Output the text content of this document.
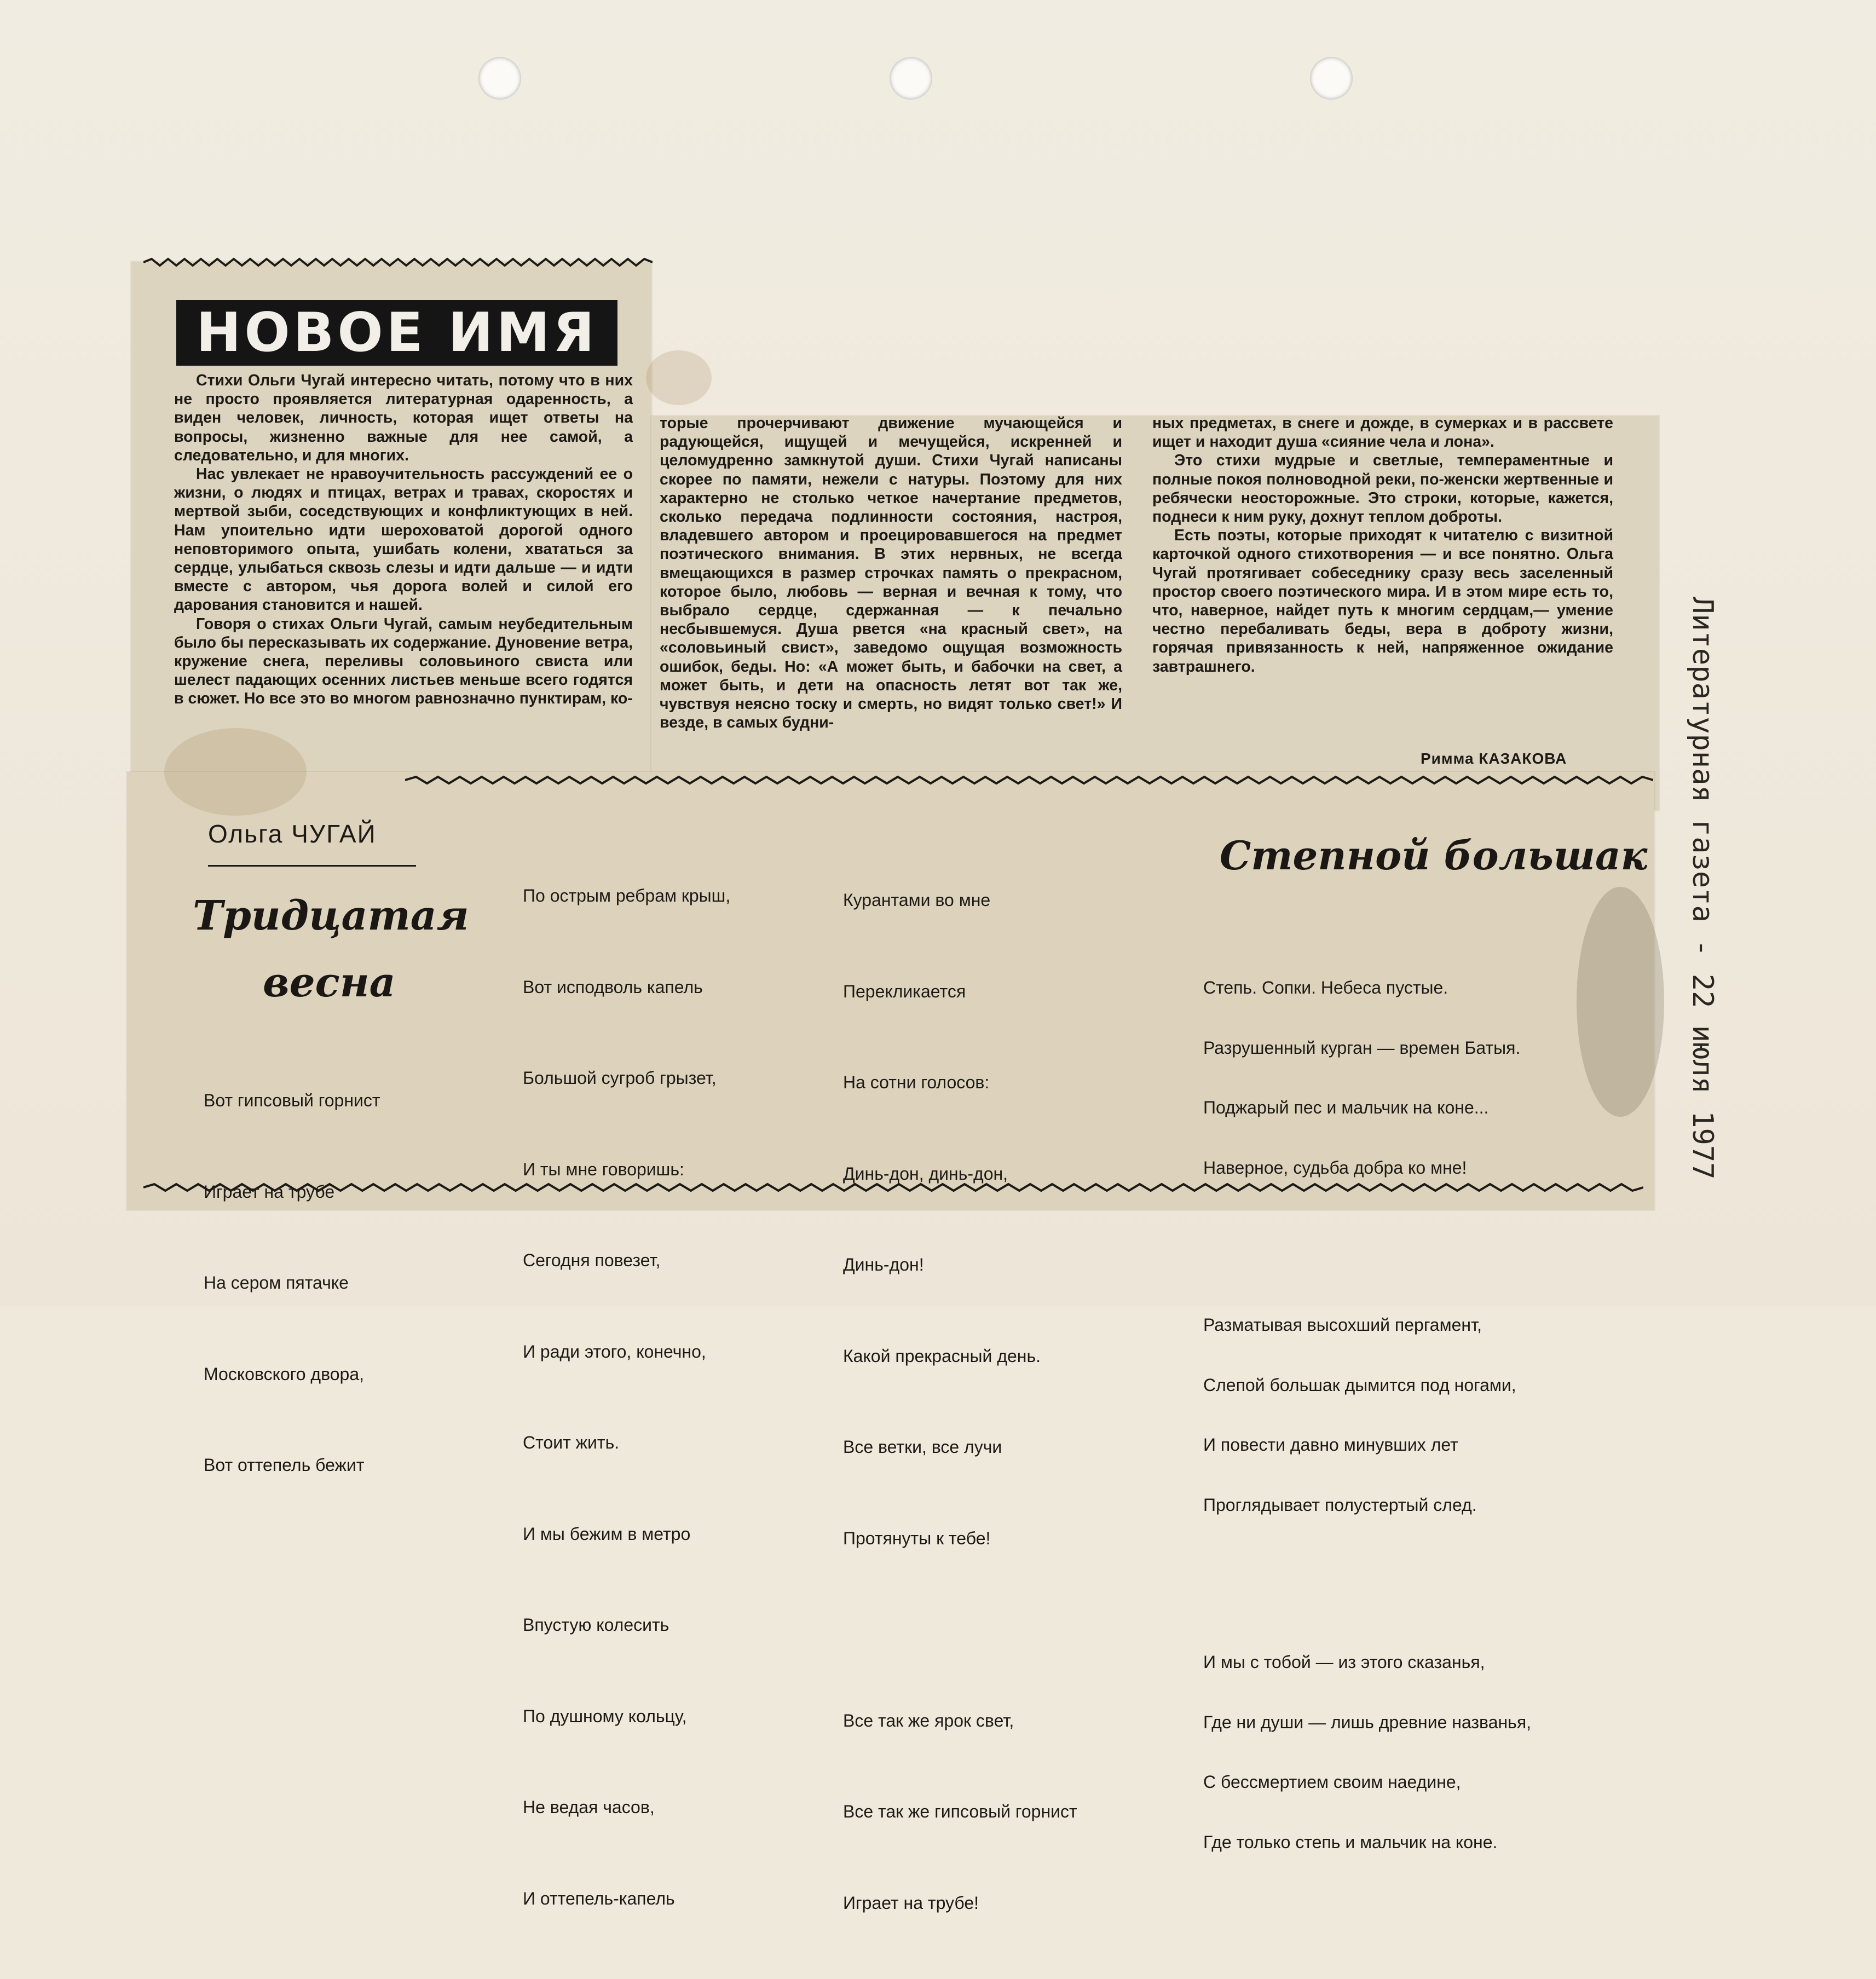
НОВОЕ ИМЯ

Стихи Ольги Чугай интересно читать, потому что в них не просто проявляется литературная одаренность, а виден человек, личность, которая ищет ответы на вопросы, жизненно важные для нее самой, а следовательно, и для многих.

Нас увлекает не нравоучительность рассуждений ее о жизни, о людях и птицах, ветрах и травах, скоростях и мертвой зыби, соседствующих и конфликтующих в ней. Нам упоительно идти шероховатой дорогой одного неповторимого опыта, ушибать колени, хвататься за сердце, улыбаться сквозь слезы и идти дальше — и идти вместе с автором, чья дорога волей и силой его дарования становится и нашей.

Говоря о стихах Ольги Чугай, самым неубедительным было бы пересказывать их содержание. Дуновение ветра, кружение снега, переливы соловьиного свиста или шелест падающих осенних листьев меньше всего годятся в сюжет. Но все это во многом равнозначно пунктирам, ко-

торые прочерчивают движение мучающейся и радующейся, ищущей и мечущейся, искренней и целомудренно замкнутой души. Стихи Чугай написаны скорее по памяти, нежели с натуры. Поэтому для них характерно не столько четкое начертание предметов, сколько передача подлинности состояния, настроя, владевшего автором и проецировавшегося на предмет поэтического внимания. В этих нервных, не всегда вмещающихся в размер строчках память о прекрасном, которое было, любовь — верная и вечная к тому, что выбрало сердце, сдержанная — к печально несбывшемуся. Душа рвется «на красный свет», на «соловьиный свист», заведомо ощущая возможность ошибок, беды. Но: «А может быть, и бабочки на свет, а может быть, и дети на опасность летят вот так же, чувствуя неясно тоску и смерть, но видят только свет!» И везде, в самых будни-

ных предметах, в снеге и дожде, в сумерках и в рассвете ищет и находит душа «сияние чела и лона».

Это стихи мудрые и светлые, темпераментные и полные покоя полноводной реки, по-женски жертвенные и ребячески неосторожные. Это строки, которые, кажется, поднеси к ним руку, дохнут теплом доброты.

Есть поэты, которые приходят к читателю с визитной карточкой одного стихотворения — и все понятно. Ольга Чугай протягивает собеседнику сразу весь заселенный простор своего поэтического мира. И в этом мире есть то, что, наверное, найдет путь к многим сердцам,— умение честно перебаливать беды, вера в доброту жизни, горячая привязанность к ней, напряженное ожидание завтрашнего.

Римма КАЗАКОВА
Ольга ЧУГАЙ
Тридцатая
весна

Вот гипсовый горнист

Играет на трубе

На сером пятачке

Московского двора,

Вот оттепель бежит

По острым ребрам крыш,

Вот исподволь капель

Большой сугроб грызет,

И ты мне говоришь:

Сегодня повезет,

И ради этого, конечно,

Стоит жить.

И мы бежим в метро

Впустую колесить

По душному кольцу,

Не ведая часов,

И оттепель-капель

Курантами во мне

Перекликается

На сотни голосов:

Динь-дон, динь-дон,

Динь-дон!

Какой прекрасный день.

Все ветки, все лучи

Протянуты к тебе!

Все так же ярок свет,

Все так же гипсовый горнист

Играет на трубе!

Степной большак

Степь. Сопки. Небеса пустые.

Разрушенный курган — времен Батыя.

Поджарый пес и мальчик на коне...

Наверное, судьба добра ко мне!

Разматывая высохший пергамент,

Слепой большак дымится под ногами,

И повести давно минувших лет

Проглядывает полустертый след.

И мы с тобой — из этого сказанья,

Где ни души — лишь древние названья,

С бессмертием своим наедине,

Где только степь и мальчик на коне.

Литературная газета - 22 июля 1977
